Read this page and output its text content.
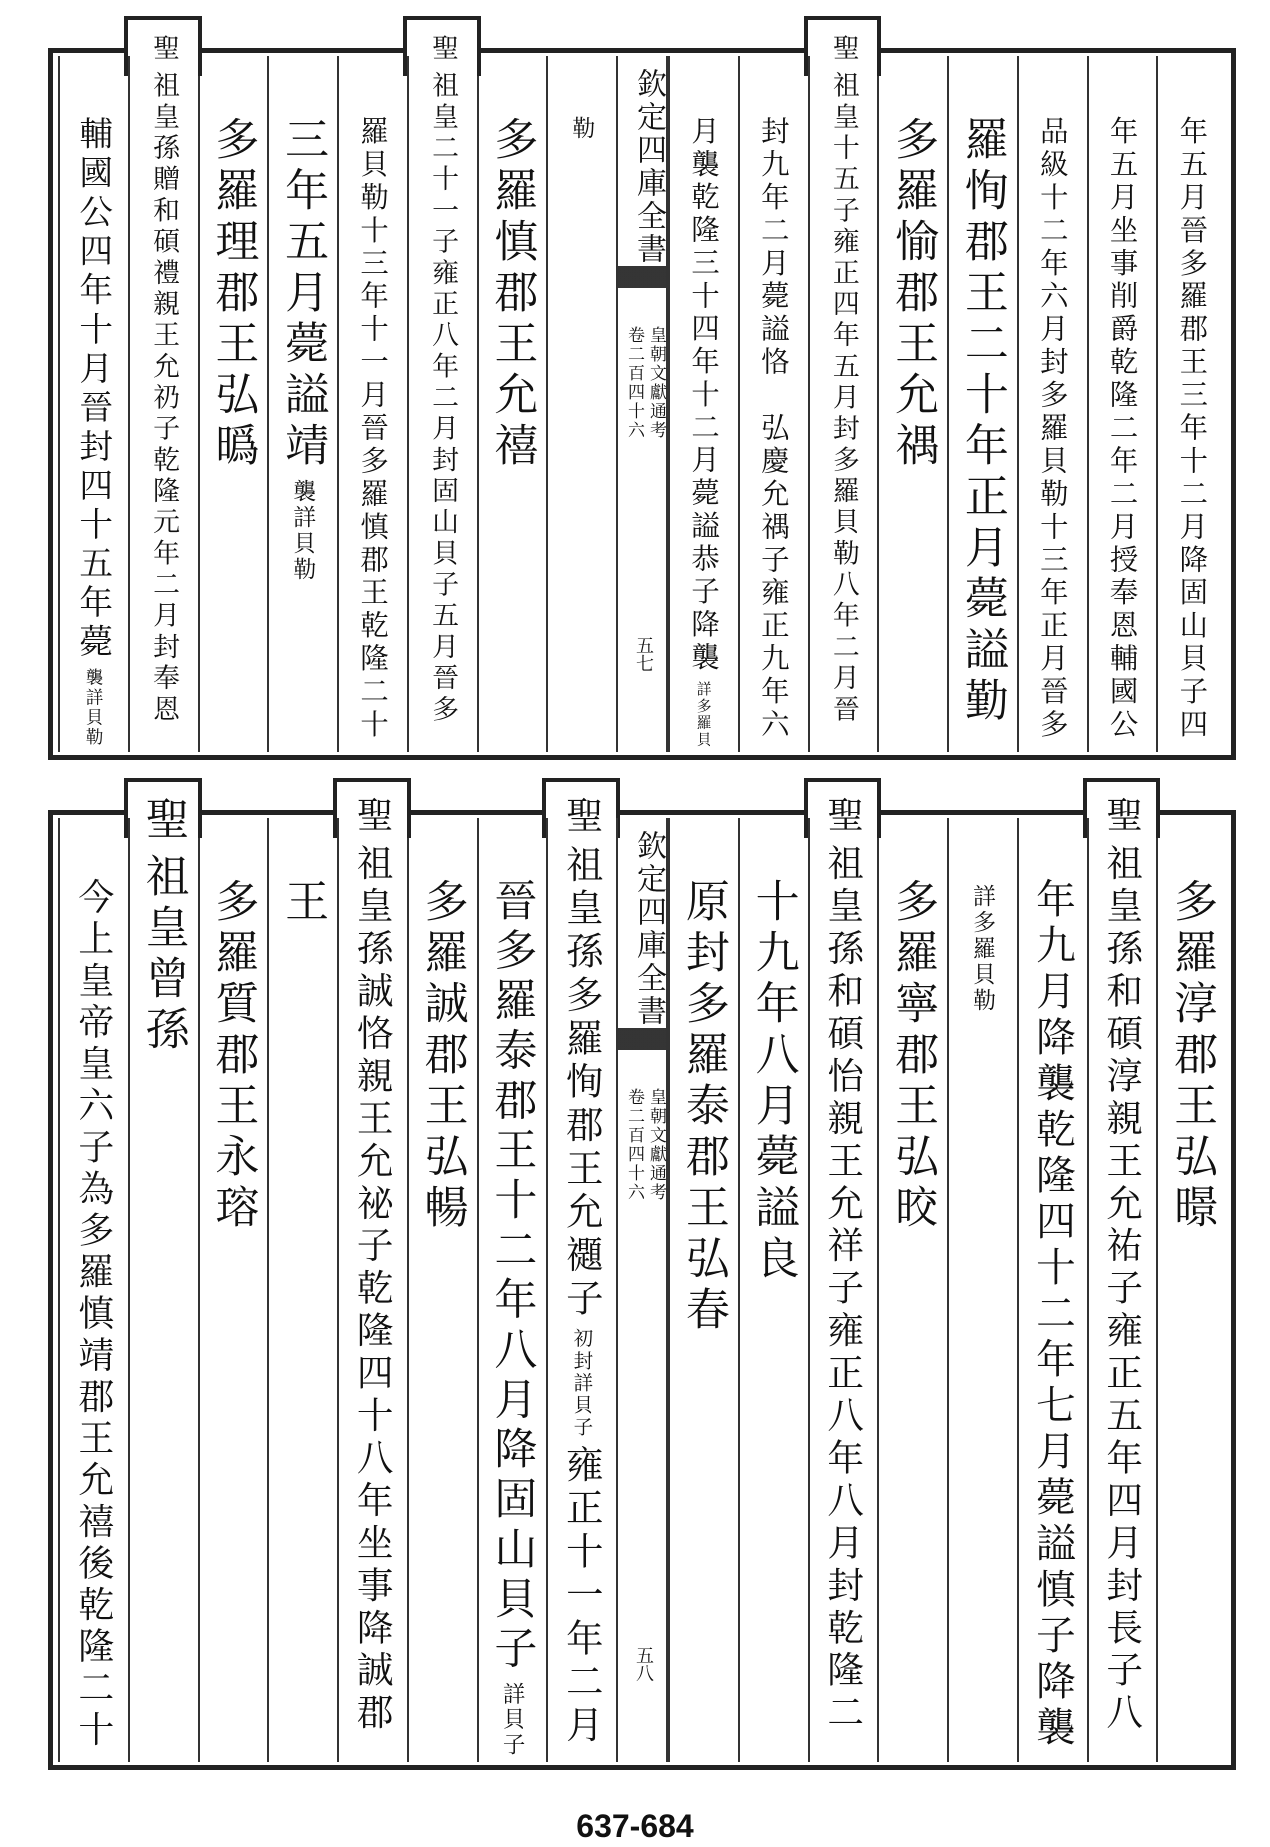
年五月晉多羅郡王三年十二月降固山貝子四
年五月坐事削爵乾隆二年二月授奉恩輔國公
品級十二年六月封多羅貝勒十三年正月晉多
羅恂郡王二十年正月薨謚勤
多羅愉郡王允禑
聖
祖皇十五子雍正四年五月封多羅貝勒八年二月晉
封九年二月薨謚恪　弘慶允禑子雍正九年六
月襲乾隆三十四年十二月薨謚恭子降襲
詳多羅貝
勒
多羅慎郡王允禧
聖
祖皇二十一子雍正八年二月封固山貝子五月晉多
羅貝勒十三年十一月晉多羅慎郡王乾隆二十
三年五月薨謚靖
襲詳貝勒
多羅理郡王弘㬙
聖
祖皇孫贈和碩禮親王允礽子乾隆元年二月封奉恩
輔國公四年十月晉封四十五年薨
襲詳貝勒
欽定四庫全書
皇朝文獻通考
卷二百四十六
五七
多羅淳郡王弘暻
聖
祖皇孫和碩淳親王允祐子雍正五年四月封長子八
年九月降襲乾隆四十二年七月薨謚慎子降襲
詳多羅貝勒
多羅寧郡王弘晈
聖
祖皇孫和碩怡親王允祥子雍正八年八月封乾隆二
十九年八月薨謚良
原封多羅泰郡王弘春
聖
祖皇孫多羅恂郡王允禵子
初封詳貝子
雍正十一年二月
晉多羅泰郡王十二年八月降固山貝子
詳貝子
多羅誠郡王弘暢
聖
祖皇孫誠恪親王允祕子乾隆四十八年坐事降誠郡
王
多羅質郡王永瑢
聖
祖皇曾孫
今上皇帝皇六子為多羅慎靖郡王允禧後乾隆二十	欽定四庫全書
皇朝文獻通考
卷二百四十六
五八
637-684
